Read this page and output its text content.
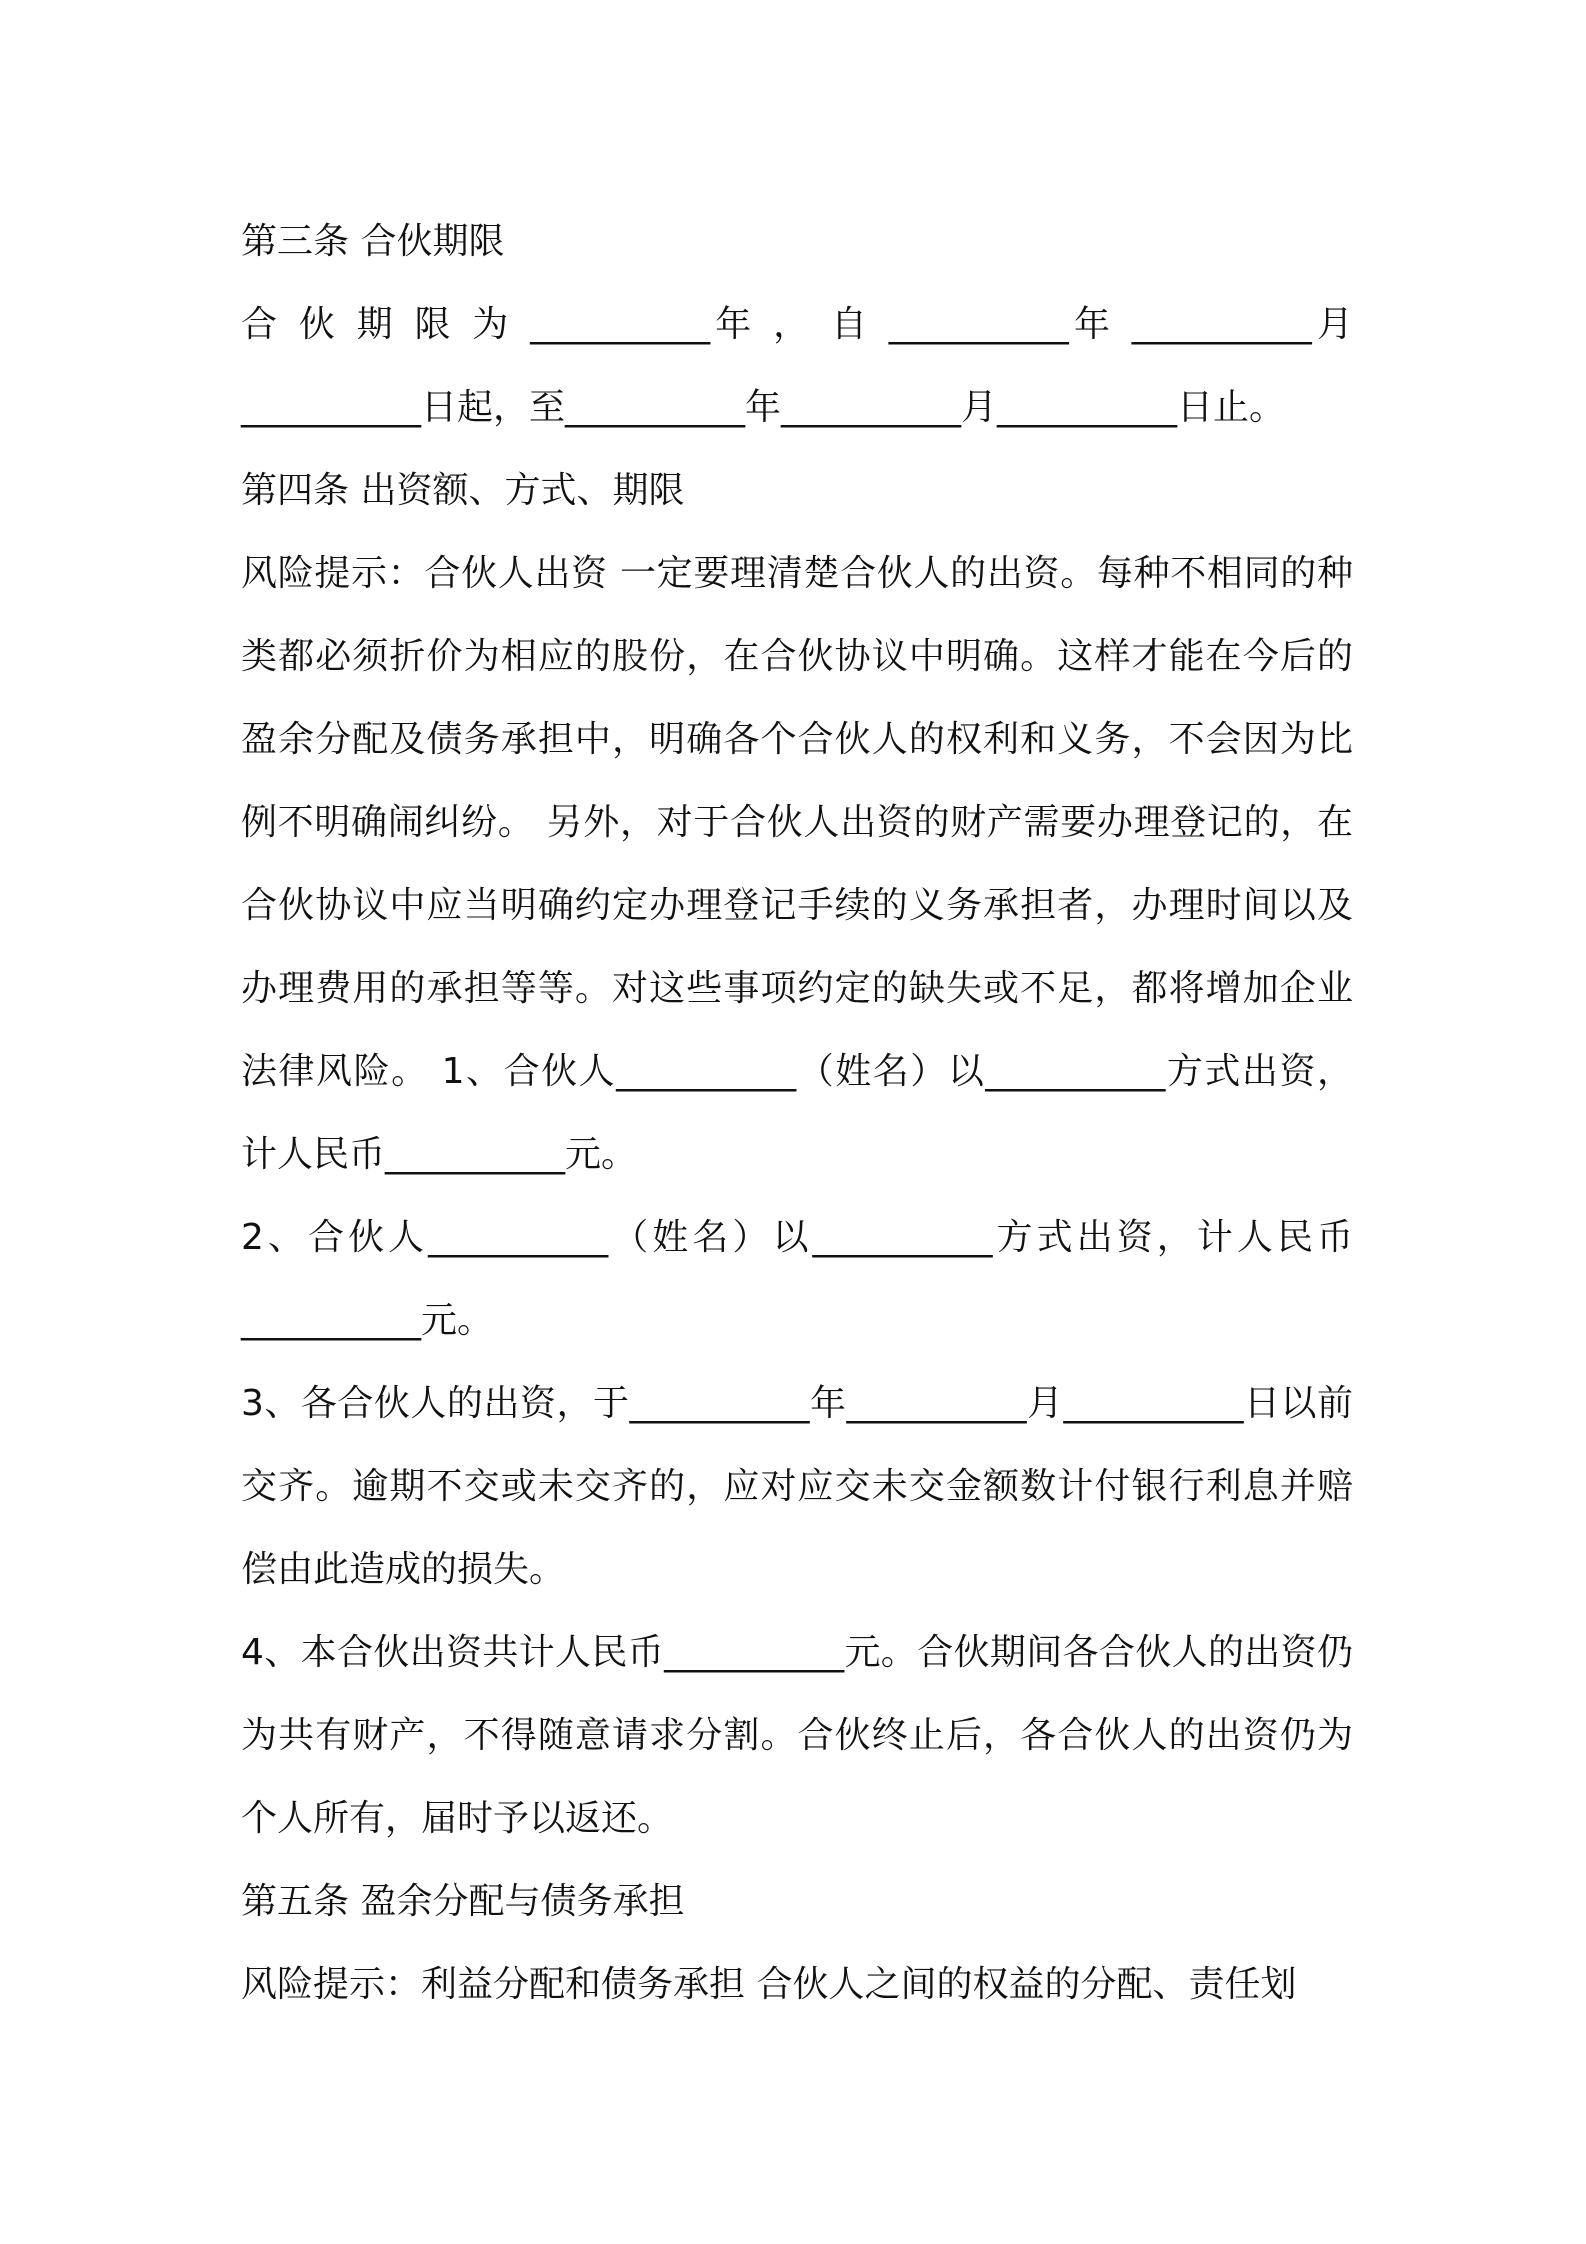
第三条 合伙期限

合 伙 期 限 为 __________年 ， 自 __________年 __________月

__________日起，至__________年__________月__________日止。

第四条 出资额、方式、期限

风险提示：合伙人出资 一定要理清楚合伙人的出资。每种不相同的种类都必须折价为相应的股份，在合伙协议中明确。这样才能在今后的盈余分配及债务承担中，明确各个合伙人的权利和义务，不会因为比例不明确闹纠纷。 另外，对于合伙人出资的财产需要办理登记的，在合伙协议中应当明确约定办理登记手续的义务承担者，办理时间以及办理费用的承担等等。对这些事项约定的缺失或不足，都将增加企业法律风险。 1、合伙人__________（姓名）以__________方式出资，计人民币__________元。

2、合伙人__________（姓名）以__________方式出资，计人民币__________元。

3、各合伙人的出资，于__________年__________月__________日以前交齐。逾期不交或未交齐的，应对应交未交金额数计付银行利息并赔偿由此造成的损失。

4、本合伙出资共计人民币__________元。合伙期间各合伙人的出资仍为共有财产，不得随意请求分割。合伙终止后，各合伙人的出资仍为个人所有，届时予以返还。

第五条 盈余分配与债务承担

风险提示：利益分配和债务承担 合伙人之间的权益的分配、责任划
